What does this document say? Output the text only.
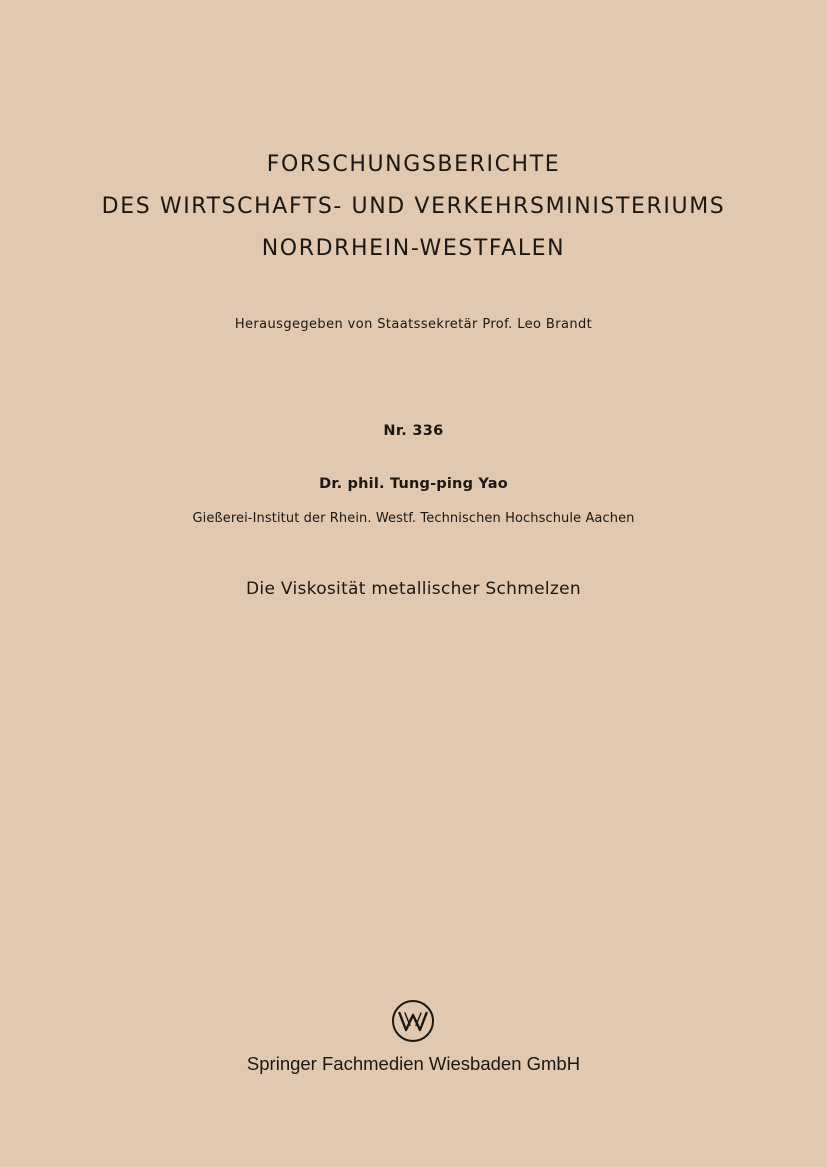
FORSCHUNGSBERICHTE
DES WIRTSCHAFTS- UND VERKEHRSMINISTERIUMS
NORDRHEIN-WESTFALEN
Herausgegeben von Staatssekretär Prof. Leo Brandt
Nr. 336
Dr. phil. Tung-ping Yao
Gießerei-Institut der Rhein. Westf. Technischen Hochschule Aachen
Die Viskosität metallischer Schmelzen
Springer Fachmedien Wiesbaden GmbH
